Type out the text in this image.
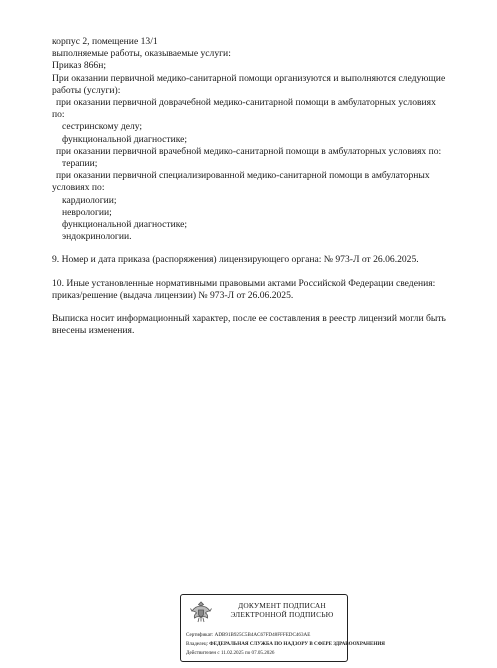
корпус 2, помещение 13/1

выполняемые работы, оказываемые услуги:

Приказ 866н;

При оказании первичной медико-санитарной помощи организуются и выполняются следующие

работы (услуги):

при оказании первичной доврачебной медико-санитарной помощи в амбулаторных условиях

по:

сестринскому делу;

функциональной диагностике;

при оказании первичной врачебной медико-санитарной помощи в амбулаторных условиях по:

терапии;

при оказании первичной специализированной медико-санитарной помощи в амбулаторных

условиях по:

кардиологии;

неврологии;

функциональной диагностике;

эндокринологии.

9. Номер и дата приказа (распоряжения) лицензирующего органа: № 973-Л от 26.06.2025.

10. Иные установленные нормативными правовыми актами Российской Федерации сведения:

приказ/решение (выдача лицензии) № 973-Л от 26.06.2025.

Выписка носит информационный характер, после ее составления в реестр лицензий могли быть

внесены изменения.

ДОКУМЕНТ ПОДПИСАН
ЭЛЕКТРОННОЙ ПОДПИСЬЮ
Сертификат: ADB91B925C5B4AC67FD48FFFEDC463AE
Владелец: ФЕДЕРАЛЬНАЯ СЛУЖБА ПО НАДЗОРУ В СФЕРЕ ЗДРАВООХРАНЕНИЯ
Действителен с 11.02.2025 по 07.05.2026
